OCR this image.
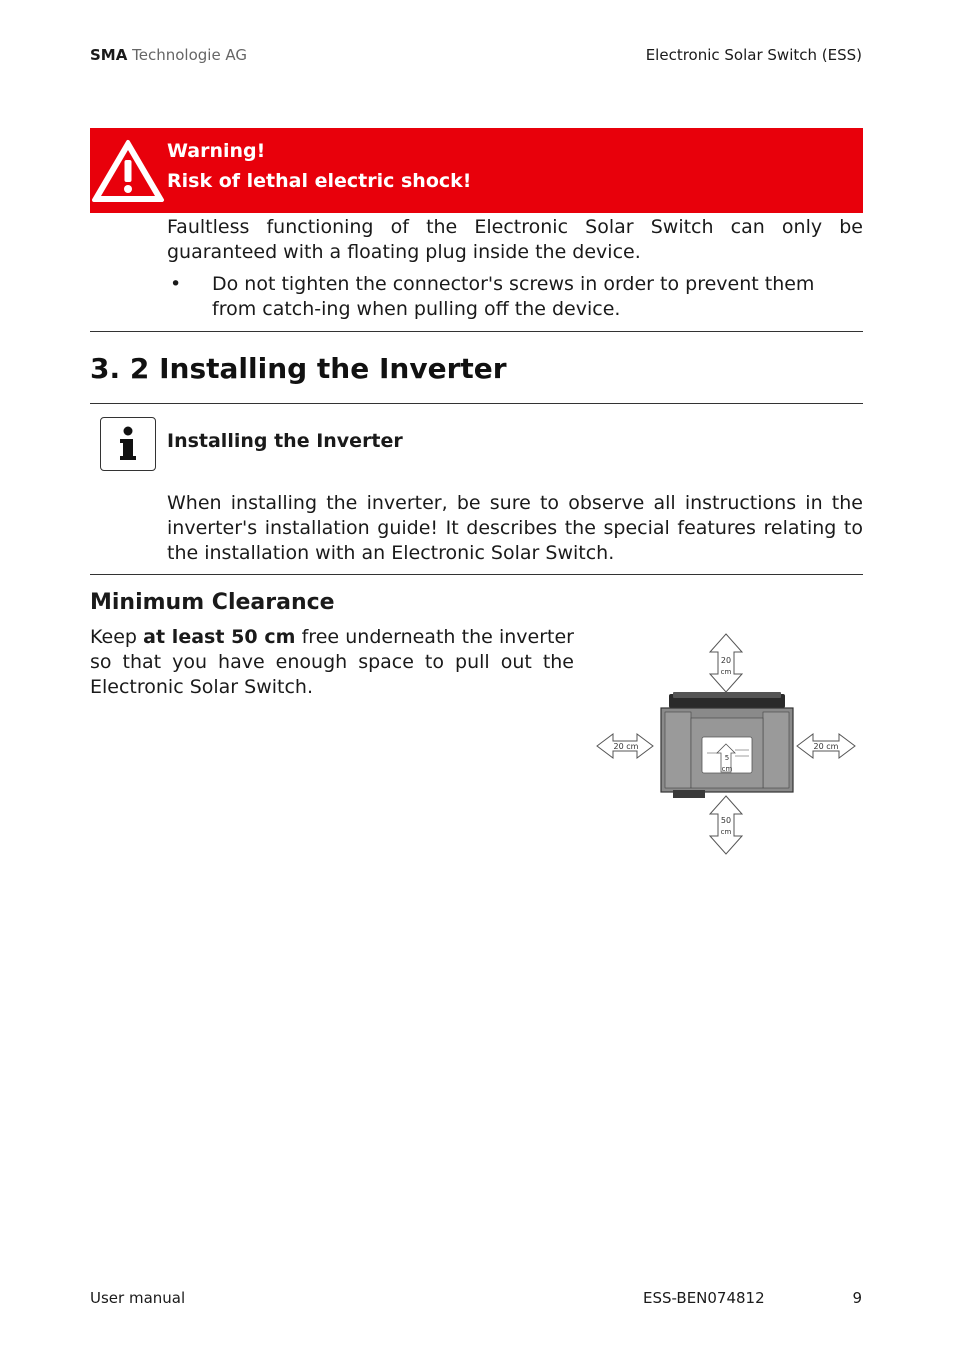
SMA Technologie AG	Electronic Solar Switch (ESS)
Warning!
Risk of lethal electric shock!
Faultless functioning of the Electronic Solar Switch can only be guaranteed with a floating plug inside the device.
• Do not tighten the connector's screws in order to prevent them from catch-ing when pulling off the device.
3. 2 Installing the Inverter
Installing the Inverter
When installing the inverter, be sure to observe all instructions in the inverter's installation guide! It describes the special features relating to the installation with an Electronic Solar Switch.
Minimum Clearance
Keep at least 50 cm free underneath the inverter so that you have enough space to pull out the Electronic Solar Switch.
20
cm
5
cm
20 cm	20 cm
50
cm
User manual	ESS-BEN074812	9
